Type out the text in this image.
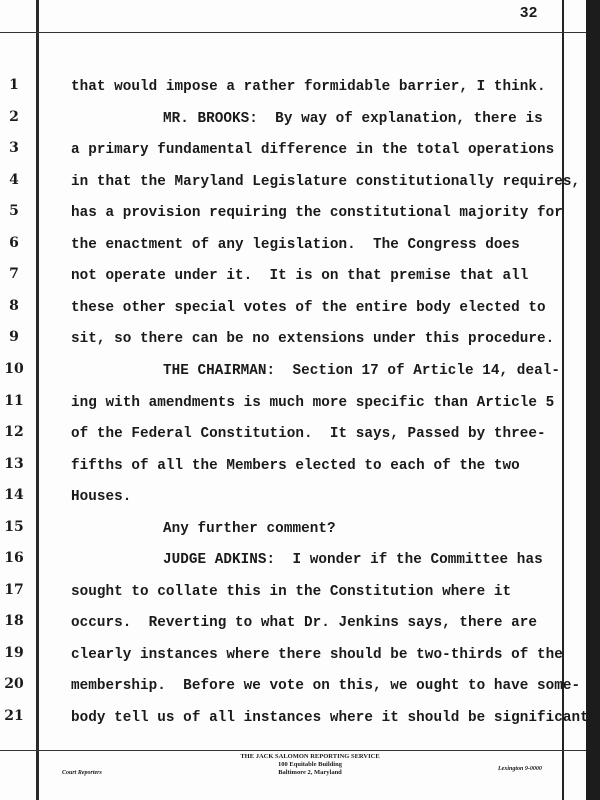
32
1	that would impose a rather formidable barrier, I think.
2	MR. BROOKS:  By way of explanation, there is
3	a primary fundamental difference in the total operations
4	in that the Maryland Legislature constitutionally requires,
5	has a provision requiring the constitutional majority for
6	the enactment of any legislation.  The Congress does
7	not operate under it.  It is on that premise that all
8	these other special votes of the entire body elected to
9	sit, so there can be no extensions under this procedure.
10	THE CHAIRMAN:  Section 17 of Article 14, deal-
11	ing with amendments is much more specific than Article 5
12	of the Federal Constitution.  It says, Passed by three-
13	fifths of all the Members elected to each of the two
14	Houses.
15	Any further comment?
16	JUDGE ADKINS:  I wonder if the Committee has
17	sought to collate this in the Constitution where it
18	occurs.  Reverting to what Dr. Jenkins says, there are
19	clearly instances where there should be two-thirds of the
20	membership.  Before we vote on this, we ought to have some-
21	body tell us of all instances where it should be significant.
THE JACK SALOMON REPORTING SERVICE
100 Equitable Building
Baltimore 2, Maryland
Court Reporters
Lexington 9-0000
